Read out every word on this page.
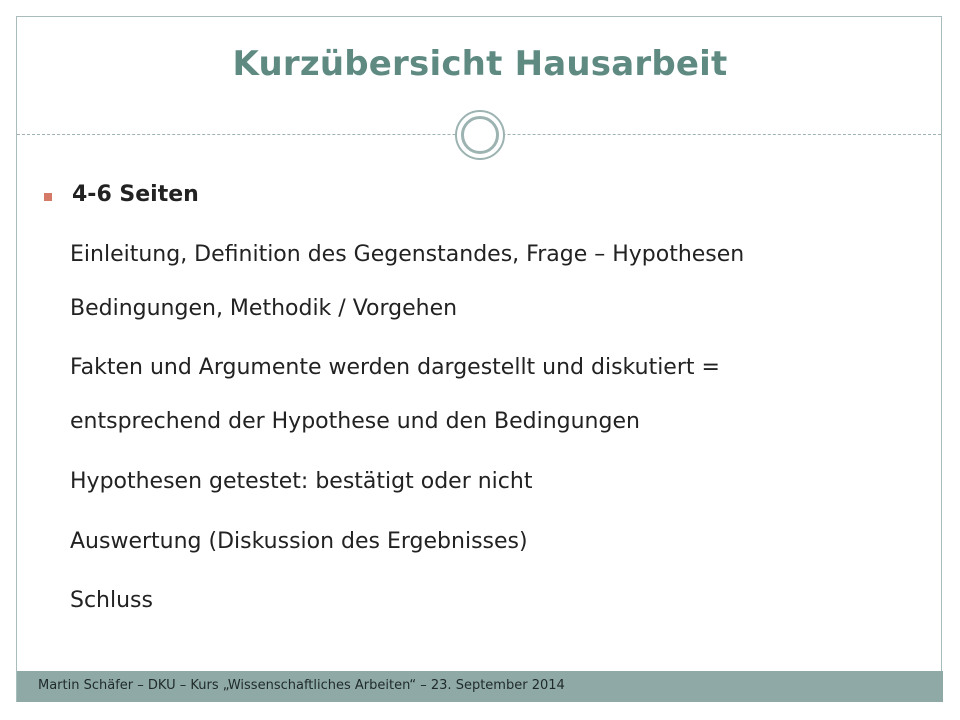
Kurzübersicht Hausarbeit
4-6 Seiten
Einleitung, Definition des Gegenstandes, Frage – Hypothesen
Bedingungen, Methodik / Vorgehen
Fakten und Argumente werden dargestellt und diskutiert =
entsprechend der Hypothese und den Bedingungen
Hypothesen getestet: bestätigt oder nicht
Auswertung (Diskussion des Ergebnisses)
Schluss
Martin Schäfer – DKU – Kurs „Wissenschaftliches Arbeiten“ – 23. September 2014
